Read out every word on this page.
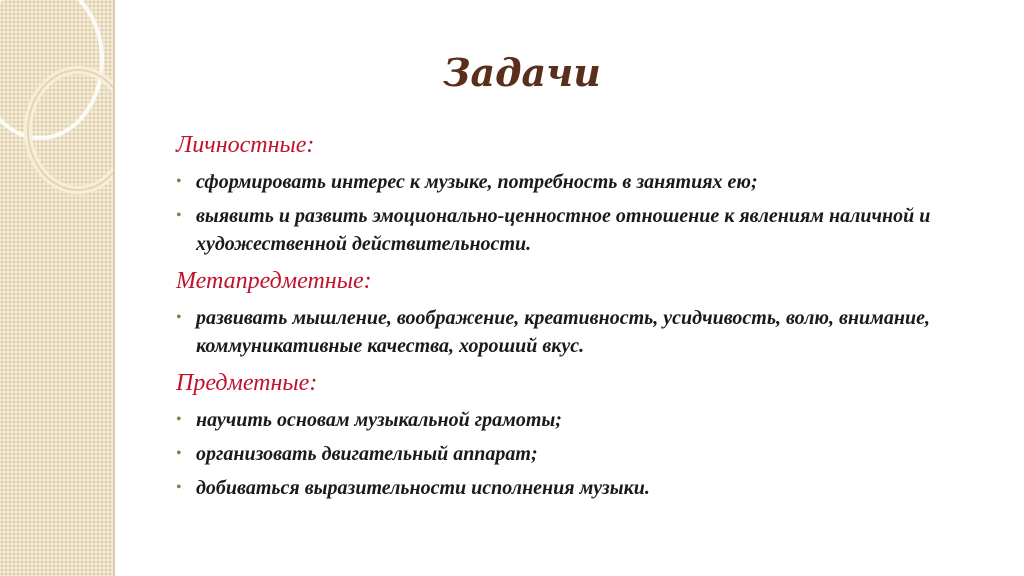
Задачи
Личностные:
• сформировать интерес к музыке, потребность в занятиях ею;
• выявить и развить эмоционально-ценностное отношение к явлениям наличной и художественной действительности.
Метапредметные:
• развивать мышление, воображение, креативность, усидчивость, волю, внимание, коммуникативные качества, хороший вкус.
Предметные:
• научить основам музыкальной грамоты;
• организовать двигательный аппарат;
• добиваться выразительности исполнения музыки.
